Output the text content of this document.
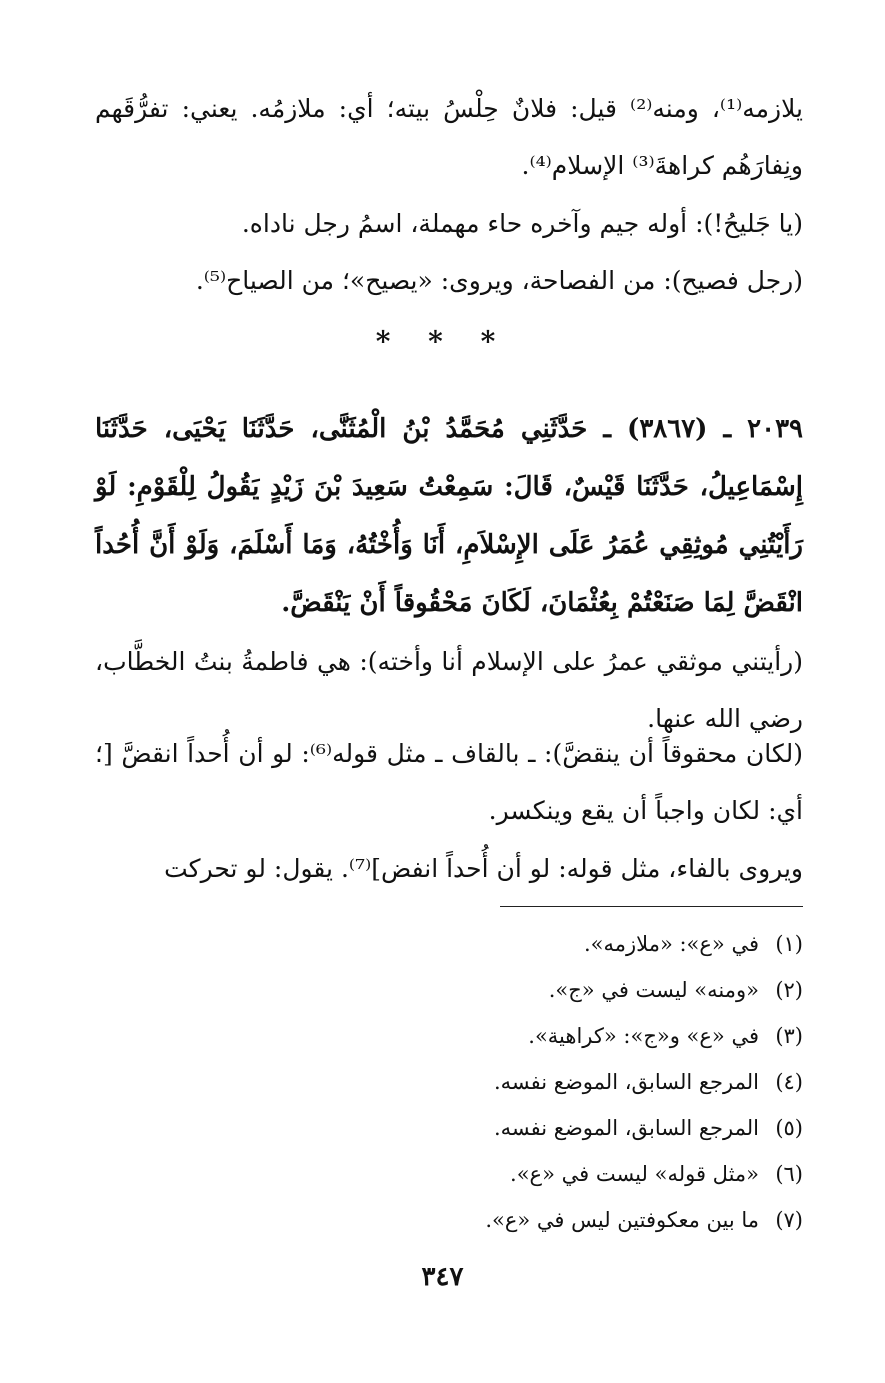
يلازمه⁽¹⁾، ومنه⁽²⁾ قيل: فلانٌ حِلْسُ بيته؛ أي: ملازمُه. يعني: تفرُّقَهم ونِفارَهُم كراهةَ⁽³⁾ الإسلام⁽⁴⁾.
(يا جَليحُ!): أوله جيم وآخره حاء مهملة، اسمُ رجل ناداه.
(رجل فصيح): من الفصاحة، ويروى: «يصيح»؛ من الصياح⁽⁵⁾.
* * *
٢٠٣٩ ـ (٣٨٦٧) ـ حَدَّثَنِي مُحَمَّدُ بْنُ الْمُثَنَّى، حَدَّثَنَا يَحْيَى، حَدَّثَنَا إِسْمَاعِيلُ، حَدَّثَنَا قَيْسٌ، قَالَ: سَمِعْتُ سَعِيدَ بْنَ زَيْدٍ يَقُولُ لِلْقَوْمِ: لَوْ رَأَيْتُنِي مُوثِقِي عُمَرُ عَلَى الإِسْلاَمِ، أَنَا وَأُخْتُهُ، وَمَا أَسْلَمَ، وَلَوْ أَنَّ أُحُداً انْقَضَّ لِمَا صَنَعْتُمْ بِعُثْمَانَ، لَكَانَ مَحْقُوقاً أَنْ يَنْقَضَّ.
(رأيتني موثقي عمرُ على الإسلام أنا وأخته): هي فاطمةُ بنتُ الخطَّاب، رضي الله عنها.
(لكان محقوقاً أن ينقضَّ): ـ بالقاف ـ مثل قوله⁽⁶⁾: لو أن أُحداً انقضَّ [؛ أي: لكان واجباً أن يقع وينكسر.
ويروى بالفاء، مثل قوله: لو أن أُحداً انفض]⁽⁷⁾. يقول: لو تحركت
(١)في «ع»: «ملازمه».
(٢)«ومنه» ليست في «ج».
(٣)في «ع» و«ج»: «كراهية».
(٤)المرجع السابق، الموضع نفسه.
(٥)المرجع السابق، الموضع نفسه.
(٦)«مثل قوله» ليست في «ع».
(٧)ما بين معكوفتين ليس في «ع».
٣٤٧
